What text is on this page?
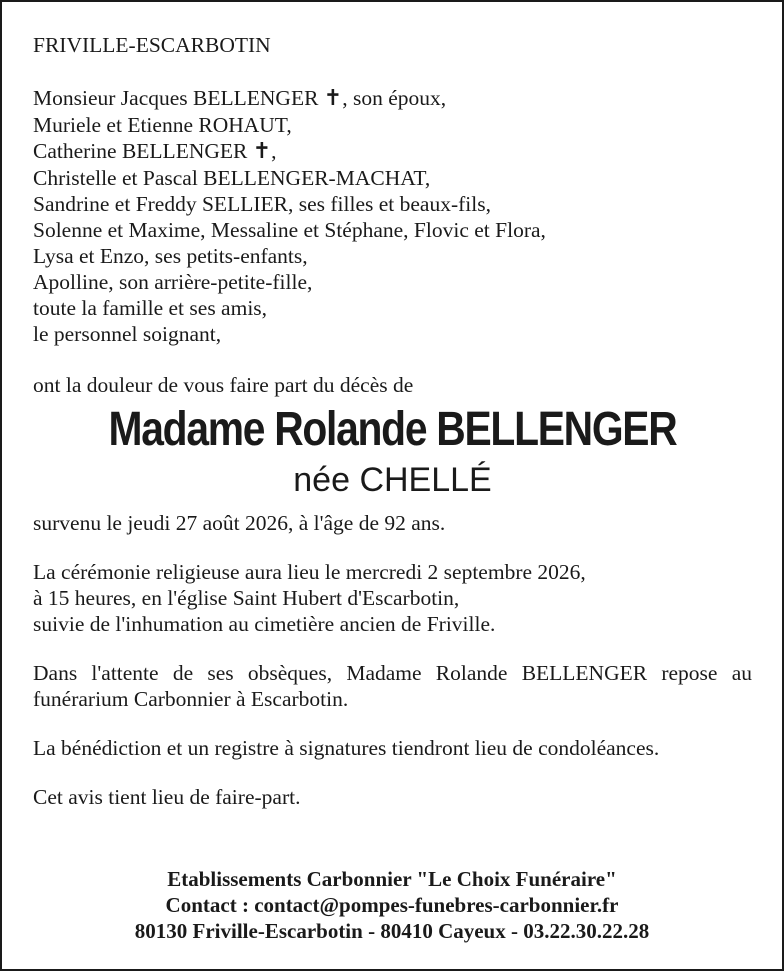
FRIVILLE-ESCARBOTIN
Monsieur Jacques BELLENGER ✝, son époux,
Muriele et Etienne ROHAUT,
Catherine BELLENGER ✝,
Christelle et Pascal BELLENGER-MACHAT,
Sandrine et Freddy SELLIER, ses filles et beaux-fils,
Solenne et Maxime, Messaline et Stéphane, Flovic et Flora,
Lysa et Enzo, ses petits-enfants,
Apolline, son arrière-petite-fille,
toute la famille et ses amis,
le personnel soignant,
ont la douleur de vous faire part du décès de
Madame Rolande BELLENGER
née CHELLÉ
survenu le jeudi 27 août 2026, à l'âge de 92 ans.
La cérémonie religieuse aura lieu le mercredi 2 septembre 2026,
à 15 heures, en l'église Saint Hubert d'Escarbotin,
suivie de l'inhumation au cimetière ancien de Friville.
Dans l'attente de ses obsèques, Madame Rolande BELLENGER repose au funérarium Carbonnier à Escarbotin.
La bénédiction et un registre à signatures tiendront lieu de condoléances.
Cet avis tient lieu de faire-part.
Etablissements Carbonnier "Le Choix Funéraire"
Contact : contact@pompes-funebres-carbonnier.fr
80130 Friville-Escarbotin - 80410 Cayeux - 03.22.30.22.28
